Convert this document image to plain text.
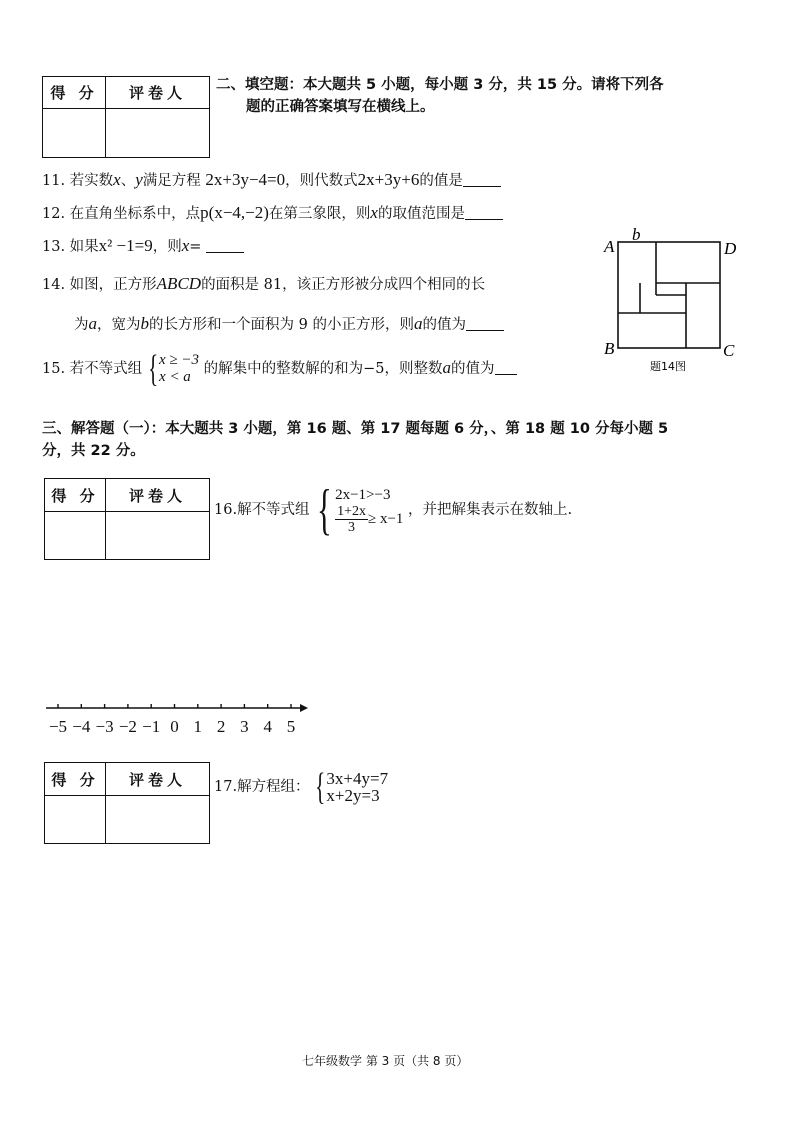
得 分	评卷人
	二、填空题：本大题共 5 小题，每小题 3 分，共 15 分。请将下列各
题的正确答案填写在横线上。
11. 若实数x、y满足方程 2x+3y−4=0，则代数式2x+3y+6的值是
12. 在直角坐标系中，点p(x−4,−2)在第三象限，则x的取值范围是
13. 如果x² −1=9，则x=
14. 如图，正方形ABCD的面积是 81，该正方形被分成四个相同的长
为a，宽为b的长方形和一个面积为 9 的小正方形，则a的值为
15. 若不等式组 { x ≥ −3
x < a 的解集中的整数解的和为−5，则整数a的值为
A
b
D
B	C
题14图
三、解答题（一）：本大题共 3 小题，第 16 题、第 17 题每题 6 分，、第 18 题 10 分每小题 5
分，共 22 分。
得 分	评卷人

16.解不等式组 { 2x−1>−3
$\frac{1+2x}{3} \ge x-1$
，并把解集表示在数轴上.
−5 −4 −3 −2 −1 0 1 2 3 4 5
得 分	评卷人
	17.解方程组： { 3x+4y=7
x+2y=3
七年级数学 第 3 页（共 8 页）
